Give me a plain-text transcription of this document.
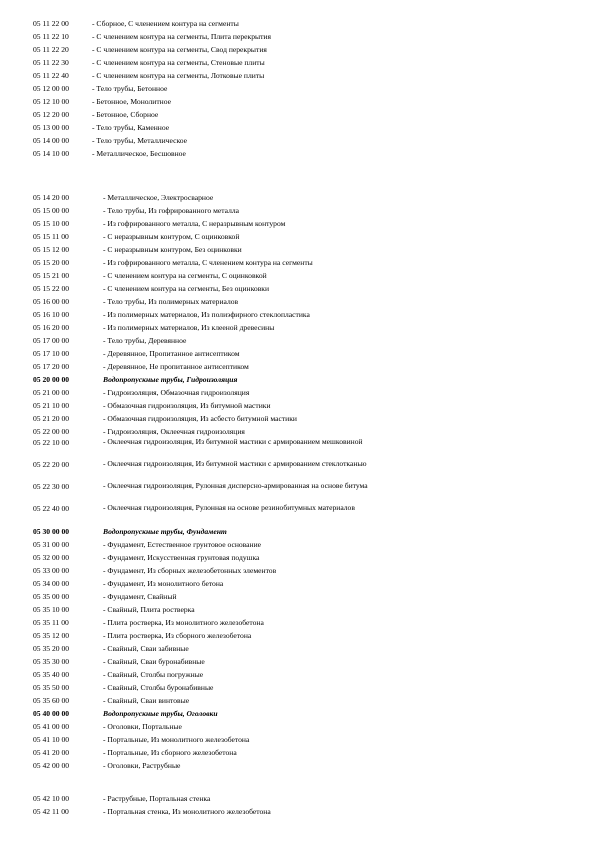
05 11 22 00	- Сборное, С членением контура на сегменты
05 11 22 10	- С членением контура на сегменты, Плита перекрытия
05 11 22 20	- С членением контура на сегменты, Свод перекрытия
05 11 22 30	- С членением контура на сегменты, Стеновые плиты
05 11 22 40	- С членением контура на сегменты, Лотковые плиты
05 12 00 00	- Тело трубы, Бетонное
05 12 10 00	- Бетонное, Монолитное
05 12 20 00	- Бетонное, Сборное
05 13 00 00	- Тело трубы, Каменное
05 14 00 00	- Тело трубы, Металлическое
05 14 10 00	- Металлическое, Бесшовное
05 14 20 00	- Металлическое, Электросварное
05 15 00 00	- Тело трубы, Из гофрированного металла
05 15 10 00	- Из гофрированного металла, С неразрывным контуром
05 15 11 00	- С неразрывным контуром, С оцинковкой
05 15 12 00	- С неразрывным контуром, Без оцинковки
05 15 20 00	- Из гофрированного металла, С членением контура на сегменты
05 15 21 00	- С членением контура на сегменты, С оцинковкой
05 15 22 00	- С членением контура на сегменты, Без оцинковки
05 16 00 00	- Тело трубы, Из полимерных материалов
05 16 10 00	- Из полимерных материалов, Из полиэфирного стеклопластика
05 16 20 00	- Из полимерных материалов, Из клееной древесины
05 17 00 00	- Тело трубы, Деревянное
05 17 10 00	- Деревянное, Пропитанное антисептиком
05 17 20 00	- Деревянное, Не пропитанное антисептиком
05 20 00 00	Водопропускные трубы, Гидроизоляция
05 21 00 00	- Гидроизоляция, Обмазочная гидроизоляция
05 21 10 00	- Обмазочная гидроизоляция, Из битумной мастики
05 21 20 00	- Обмазочная гидроизоляция, Из асбесто битумной мастики
05 22 00 00	- Гидроизоляция, Оклеечная гидроизоляция
05 22 10 00	- Оклеечная гидроизоляция, Из битумной мастики с армированием мешковиной
05 22 20 00	- Оклеечная гидроизоляция, Из битумной мастики с армированием стеклотканью
05 22 30 00	- Оклеечная гидроизоляция, Рулонная дисперсно-армированная на основе битума
05 22 40 00	- Оклеечная гидроизоляция, Рулонная на основе резинобитумных материалов
05 30 00 00	Водопропускные трубы, Фундамент
05 31 00 00	- Фундамент, Естественное грунтовое основание
05 32 00 00	- Фундамент, Искусственная грунтовая подушка
05 33 00 00	- Фундамент, Из сборных железобетонных элементов
05 34 00 00	- Фундамент, Из монолитного бетона
05 35 00 00	- Фундамент, Свайный
05 35 10 00	- Свайный, Плита ростверка
05 35 11 00	- Плита ростверка, Из монолитного железобетона
05 35 12 00	- Плита ростверка, Из сборного железобетона
05 35 20 00	- Свайный, Сваи забивные
05 35 30 00	- Свайный, Сваи буронабивные
05 35 40 00	- Свайный, Столбы погружные
05 35 50 00	- Свайный, Столбы буронабивные
05 35 60 00	- Свайный, Сваи винтовые
05 40 00 00	Водопропускные трубы, Оголовки
05 41 00 00	- Оголовки, Портальные
05 41 10 00	- Портальные, Из монолитного железобетона
05 41 20 00	- Портальные, Из сборного железобетона
05 42 00 00	- Оголовки, Раструбные
05 42 10 00	- Раструбные, Портальная стенка
05 42 11 00	- Портальная стенка, Из монолитного железобетона
